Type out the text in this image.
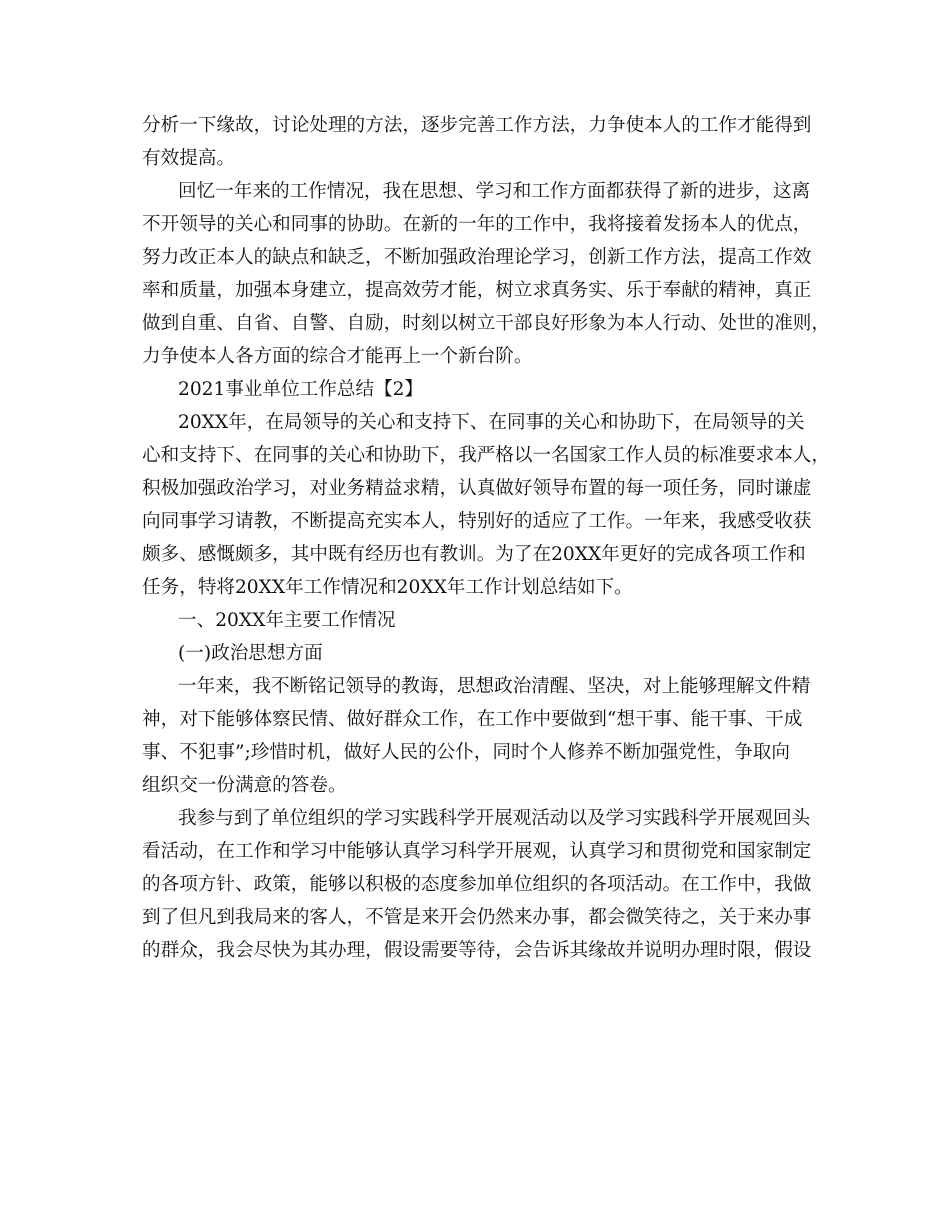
分析一下缘故，讨论处理的方法，逐步完善工作方法，力争使本人的工作才能得到
有效提高。
回忆一年来的工作情况，我在思想、学习和工作方面都获得了新的进步，这离
不开领导的关心和同事的协助。在新的一年的工作中，我将接着发扬本人的优点，
努力改正本人的缺点和缺乏，不断加强政治理论学习，创新工作方法，提高工作效
率和质量，加强本身建立，提高效劳才能，树立求真务实、乐于奉献的精神，真正
做到自重、自省、自警、自励，时刻以树立干部良好形象为本人行动、处世的准则，
力争使本人各方面的综合才能再上一个新台阶。
2021事业单位工作总结【2】
20XX年，在局领导的关心和支持下、在同事的关心和协助下，在局领导的关
心和支持下、在同事的关心和协助下，我严格以一名国家工作人员的标准要求本人，
积极加强政治学习，对业务精益求精，认真做好领导布置的每一项任务，同时谦虚
向同事学习请教，不断提高充实本人，特别好的适应了工作。一年来，我感受收获
颇多、感慨颇多，其中既有经历也有教训。为了在20XX年更好的完成各项工作和
任务，特将20XX年工作情况和20XX年工作计划总结如下。
一、20XX年主要工作情况
(一)政治思想方面
一年来，我不断铭记领导的教诲，思想政治清醒、坚决，对上能够理解文件精
神，对下能够体察民情、做好群众工作，在工作中要做到“想干事、能干事、干成
事、不犯事”;珍惜时机，做好人民的公仆，同时个人修养不断加强党性，争取向
组织交一份满意的答卷。
我参与到了单位组织的学习实践科学开展观活动以及学习实践科学开展观回头
看活动，在工作和学习中能够认真学习科学开展观，认真学习和贯彻党和国家制定
的各项方针、政策，能够以积极的态度参加单位组织的各项活动。在工作中，我做
到了但凡到我局来的客人，不管是来开会仍然来办事，都会微笑待之，关于来办事
的群众，我会尽快为其办理，假设需要等待，会告诉其缘故并说明办理时限，假设
